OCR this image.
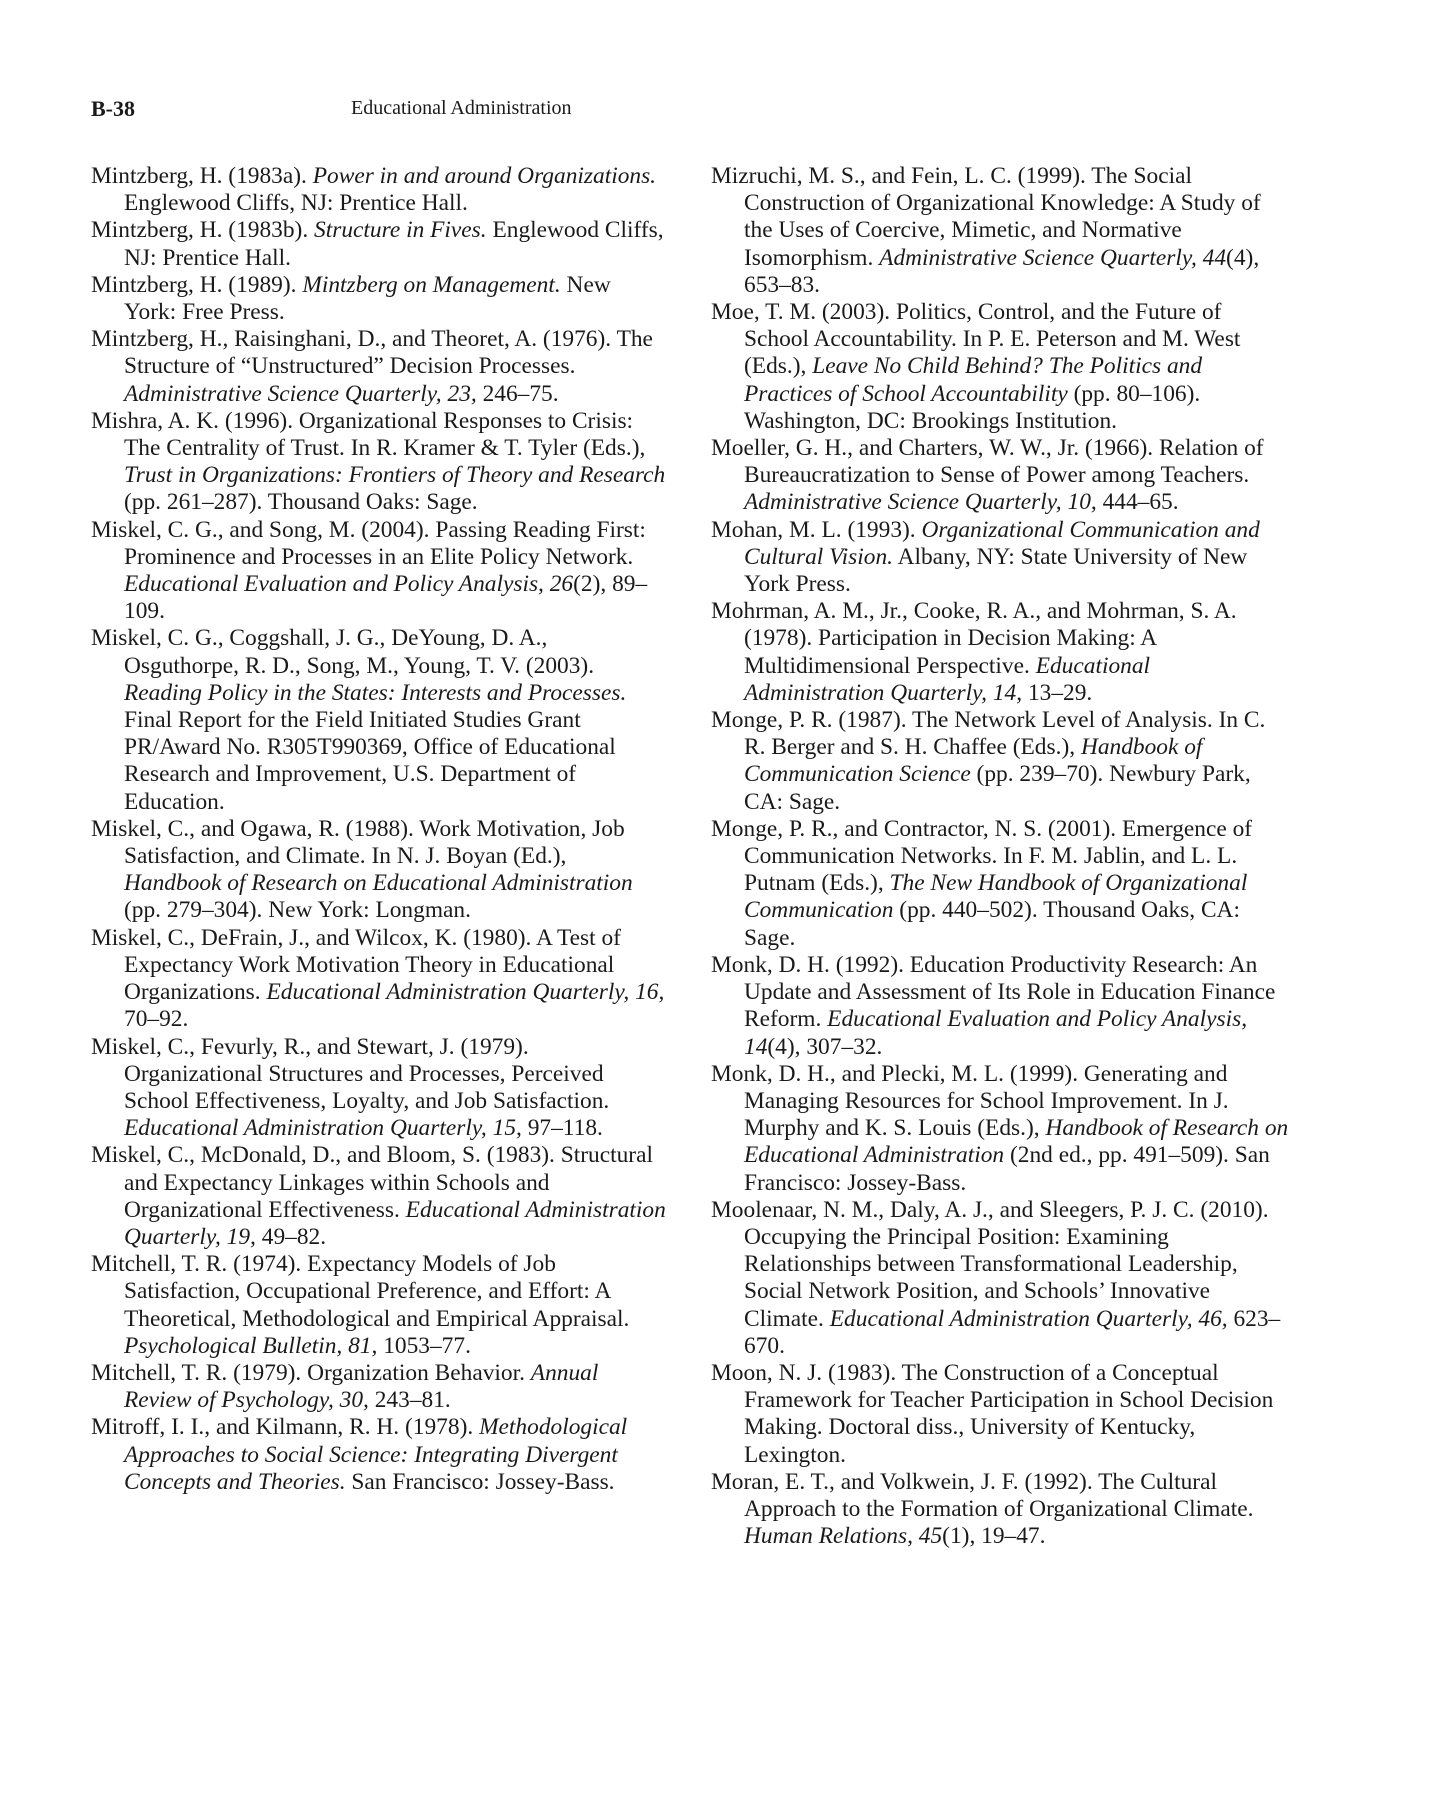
B-38	Educational Administration

Mintzberg, H. (1983a). Power in and around Organizations. Englewood Cliffs, NJ: Prentice Hall.

Mintzberg, H. (1983b). Structure in Fives. Englewood Cliffs, NJ: Prentice Hall.

Mintzberg, H. (1989). Mintzberg on Management. New York: Free Press.

Mintzberg, H., Raisinghani, D., and Theoret, A. (1976). The Structure of “Unstructured” Decision Processes. Administrative Science Quarterly, 23, 246–75.

Mishra, A. K. (1996). Organizational Responses to Crisis: The Centrality of Trust. In R. Kramer & T. Tyler (Eds.), Trust in Organizations: Frontiers of Theory and Research (pp. 261–287). Thousand Oaks: Sage.

Miskel, C. G., and Song, M. (2004). Passing Reading First: Prominence and Processes in an Elite Policy Network. Educational Evaluation and Policy Analysis, 26(2), 89–109.

Miskel, C. G., Coggshall, J. G., DeYoung, D. A., Osguthorpe, R. D., Song, M., Young, T. V. (2003). Reading Policy in the States: Interests and Processes. Final Report for the Field Initiated Studies Grant PR/Award No. R305T990369, Office of Educational Research and Improvement, U.S. Department of Education.

Miskel, C., and Ogawa, R. (1988). Work Motivation, Job Satisfaction, and Climate. In N. J. Boyan (Ed.), Handbook of Research on Educational Administration (pp. 279–304). New York: Longman.

Miskel, C., DeFrain, J., and Wilcox, K. (1980). A Test of Expectancy Work Motivation Theory in Educational Organizations. Educational Administration Quarterly, 16, 70–92.

Miskel, C., Fevurly, R., and Stewart, J. (1979). Organizational Structures and Processes, Perceived School Effectiveness, Loyalty, and Job Satisfaction. Educational Administration Quarterly, 15, 97–118.

Miskel, C., McDonald, D., and Bloom, S. (1983). Structural and Expectancy Linkages within Schools and Organizational Effectiveness. Educational Administration Quarterly, 19, 49–82.

Mitchell, T. R. (1974). Expectancy Models of Job Satisfaction, Occupational Preference, and Effort: A Theoretical, Methodological and Empirical Appraisal. Psychological Bulletin, 81, 1053–77.

Mitchell, T. R. (1979). Organization Behavior. Annual Review of Psychology, 30, 243–81.

Mitroff, I. I., and Kilmann, R. H. (1978). Methodological Approaches to Social Science: Integrating Divergent Concepts and Theories. San Francisco: Jossey-Bass.

Mizruchi, M. S., and Fein, L. C. (1999). The Social Construction of Organizational Knowledge: A Study of the Uses of Coercive, Mimetic, and Normative Isomorphism. Administrative Science Quarterly, 44(4), 653–83.

Moe, T. M. (2003). Politics, Control, and the Future of School Accountability. In P. E. Peterson and M. West (Eds.), Leave No Child Behind? The Politics and Practices of School Accountability (pp. 80–106). Washington, DC: Brookings Institution.

Moeller, G. H., and Charters, W. W., Jr. (1966). Relation of Bureaucratization to Sense of Power among Teachers. Administrative Science Quarterly, 10, 444–65.

Mohan, M. L. (1993). Organizational Communication and Cultural Vision. Albany, NY: State University of New York Press.

Mohrman, A. M., Jr., Cooke, R. A., and Mohrman, S. A. (1978). Participation in Decision Making: A Multidimensional Perspective. Educational Administration Quarterly, 14, 13–29.

Monge, P. R. (1987). The Network Level of Analysis. In C. R. Berger and S. H. Chaffee (Eds.), Handbook of Communication Science (pp. 239–70). Newbury Park, CA: Sage.

Monge, P. R., and Contractor, N. S. (2001). Emergence of Communication Networks. In F. M. Jablin, and L. L. Putnam (Eds.), The New Handbook of Organizational Communication (pp. 440–502). Thousand Oaks, CA: Sage.

Monk, D. H. (1992). Education Productivity Research: An Update and Assessment of Its Role in Education Finance Reform. Educational Evaluation and Policy Analysis, 14(4), 307–32.

Monk, D. H., and Plecki, M. L. (1999). Generating and Managing Resources for School Improvement. In J. Murphy and K. S. Louis (Eds.), Handbook of Research on Educational Administration (2nd ed., pp. 491–509). San Francisco: Jossey-Bass.

Moolenaar, N. M., Daly, A. J., and Sleegers, P. J. C. (2010). Occupying the Principal Position: Examining Relationships between Transformational Leadership, Social Network Position, and Schools’ Innovative Climate. Educational Administration Quarterly, 46, 623–670.

Moon, N. J. (1983). The Construction of a Conceptual Framework for Teacher Participation in School Decision Making. Doctoral diss., University of Kentucky, Lexington.

Moran, E. T., and Volkwein, J. F. (1992). The Cultural Approach to the Formation of Organizational Climate. Human Relations, 45(1), 19–47.
